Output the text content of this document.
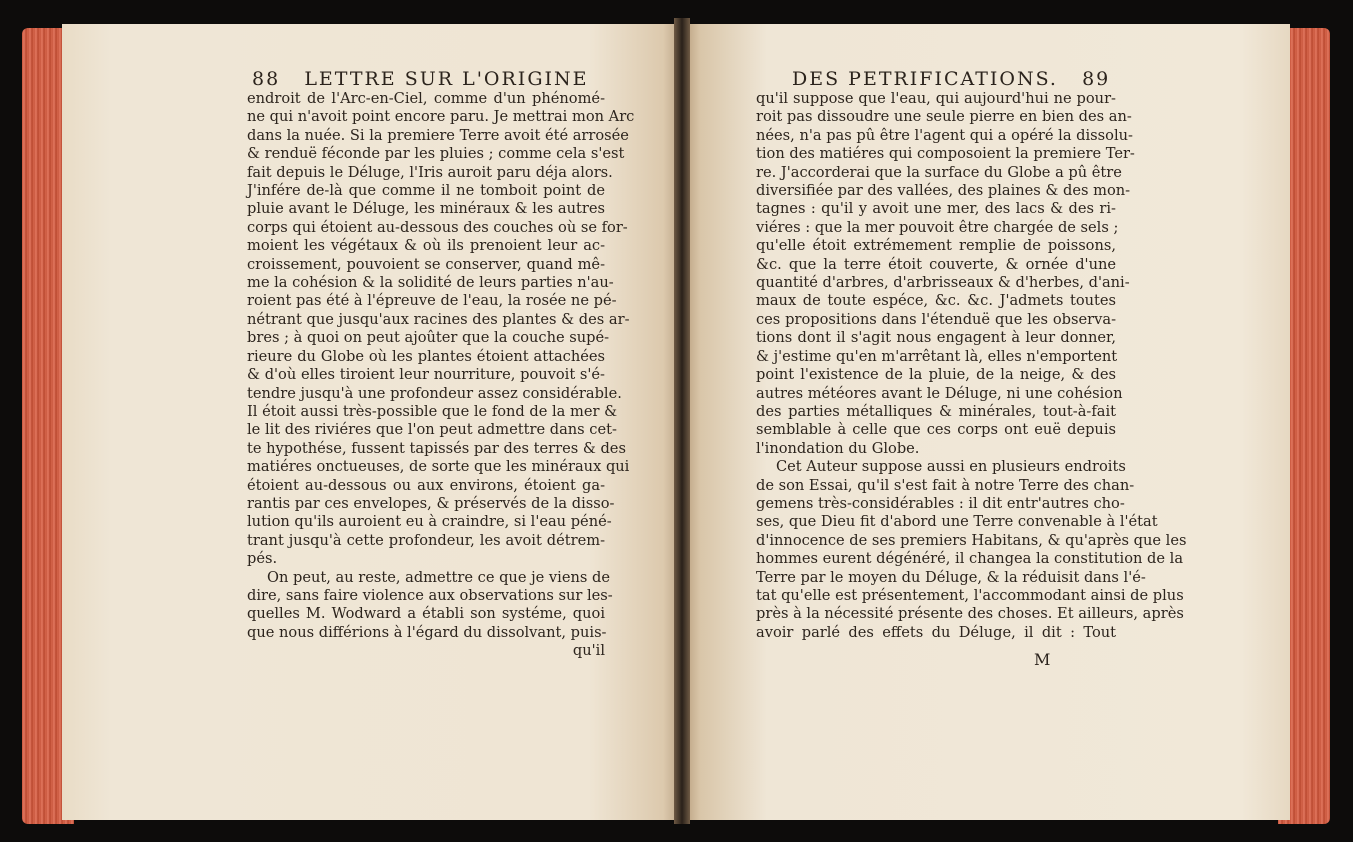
88 LETTRE SUR L'ORIGINE
endroit de l'Arc-en-Ciel, comme d'un phénomé-
ne qui n'avoit point encore paru. Je mettrai mon Arc
dans la nuée. Si la premiere Terre avoit été arrosée
& renduë féconde par les pluies ; comme cela s'est
fait depuis le Déluge, l'Iris auroit paru déja alors.
J'infére de-là que comme il ne tomboit point de
pluie avant le Déluge, les minéraux & les autres
corps qui étoient au-dessous des couches où se for-
moient les végétaux & où ils prenoient leur ac-
croissement, pouvoient se conserver, quand mê-
me la cohésion & la solidité de leurs parties n'au-
roient pas été à l'épreuve de l'eau, la rosée ne pé-
nétrant que jusqu'aux racines des plantes & des ar-
bres ; à quoi on peut ajoûter que la couche supé-
rieure du Globe où les plantes étoient attachées
& d'où elles tiroient leur nourriture, pouvoit s'é-
tendre jusqu'à une profondeur assez considérable.
Il étoit aussi très-possible que le fond de la mer &
le lit des riviéres que l'on peut admettre dans cet-
te hypothése, fussent tapissés par des terres & des
matiéres onctueuses, de sorte que les minéraux qui
étoient au-dessous ou aux environs, étoient ga-
rantis par ces envelopes, & préservés de la disso-
lution qu'ils auroient eu à craindre, si l'eau péné-
trant jusqu'à cette profondeur, les avoit détrem-
pés.
On peut, au reste, admettre ce que je viens de
dire, sans faire violence aux observations sur les-
quelles M. Wodward a établi son systéme, quoi
que nous différions à l'égard du dissolvant, puis-
qu'il
DES PETRIFICATIONS. 89
qu'il suppose que l'eau, qui aujourd'hui ne pour-
roit pas dissoudre une seule pierre en bien des an-
nées, n'a pas pû être l'agent qui a opéré la dissolu-
tion des matiéres qui composoient la premiere Ter-
re. J'accorderai que la surface du Globe a pû être
diversifiée par des vallées, des plaines & des mon-
tagnes : qu'il y avoit une mer, des lacs & des ri-
viéres : que la mer pouvoit être chargée de sels ;
qu'elle étoit extrémement remplie de poissons,
&c. que la terre étoit couverte, & ornée d'une
quantité d'arbres, d'arbrisseaux & d'herbes, d'ani-
maux de toute espéce, &c. &c. J'admets toutes
ces propositions dans l'étenduë que les observa-
tions dont il s'agit nous engagent à leur donner,
& j'estime qu'en m'arrêtant là, elles n'emportent
point l'existence de la pluie, de la neige, & des
autres météores avant le Déluge, ni une cohésion
des parties métalliques & minérales, tout-à-fait
semblable à celle que ces corps ont euë depuis
l'inondation du Globe.
Cet Auteur suppose aussi en plusieurs endroits
de son Essai, qu'il s'est fait à notre Terre des chan-
gemens très-considérables : il dit entr'autres cho-
ses, que Dieu fit d'abord une Terre convenable à l'état
d'innocence de ses premiers Habitans, & qu'après que les
hommes eurent dégénéré, il changea la constitution de la
Terre par le moyen du Déluge, & la réduisit dans l'é-
tat qu'elle est présentement, l'accommodant ainsi de plus
près à la nécessité présente des choses. Et ailleurs, après
avoir parlé des effets du Déluge, il dit : Tout
M
